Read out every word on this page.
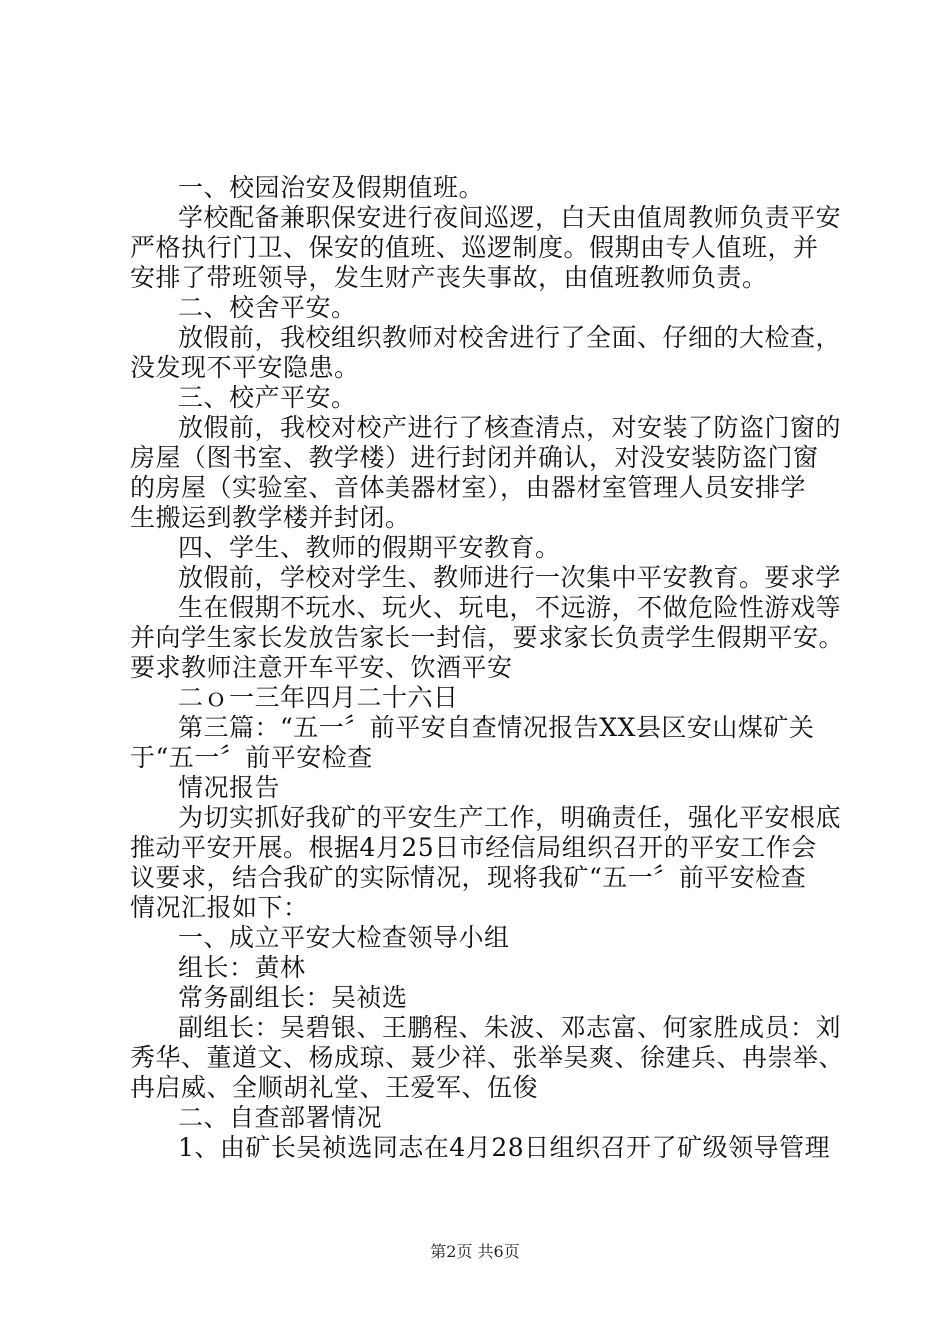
一、校园治安及假期值班。
学校配备兼职保安进行夜间巡逻，白天由值周教师负责平安
严格执行门卫、保安的值班、巡逻制度。假期由专人值班，并
安排了带班领导，发生财产丧失事故，由值班教师负责。
二、校舍平安。
放假前，我校组织教师对校舍进行了全面、仔细的大检查，
没发现不平安隐患。
三、校产平安。
放假前，我校对校产进行了核查清点，对安装了防盗门窗的
房屋（图书室、教学楼）进行封闭并确认，对没安装防盗门窗
的房屋（实验室、音体美器材室），由器材室管理人员安排学
生搬运到教学楼并封闭。
四、学生、教师的假期平安教育。
放假前，学校对学生、教师进行一次集中平安教育。要求学
生在假期不玩水、玩火、玩电，不远游，不做危险性游戏等
并向学生家长发放告家长一封信，要求家长负责学生假期平安。
要求教师注意开车平安、饮酒平安
二ｏ一三年四月二十六日
第三篇：“五一〞前平安自查情况报告XX县区安山煤矿关
于“五一〞前平安检查
情况报告
为切实抓好我矿的平安生产工作，明确责任，强化平安根底
推动平安开展。根据4月25日市经信局组织召开的平安工作会
议要求，结合我矿的实际情况，现将我矿“五一〞前平安检查
情况汇报如下：
一、成立平安大检查领导小组
组长：黄林
常务副组长：吴祯选
副组长：吴碧银、王鹏程、朱波、邓志富、何家胜成员：刘
秀华、董道文、杨成琼、聂少祥、张举吴爽、徐建兵、冉崇举、
冉启威、全顺胡礼堂、王爱军、伍俊
二、自查部署情况
1、由矿长吴祯选同志在4月28日组织召开了矿级领导管理
第2页 共6页
